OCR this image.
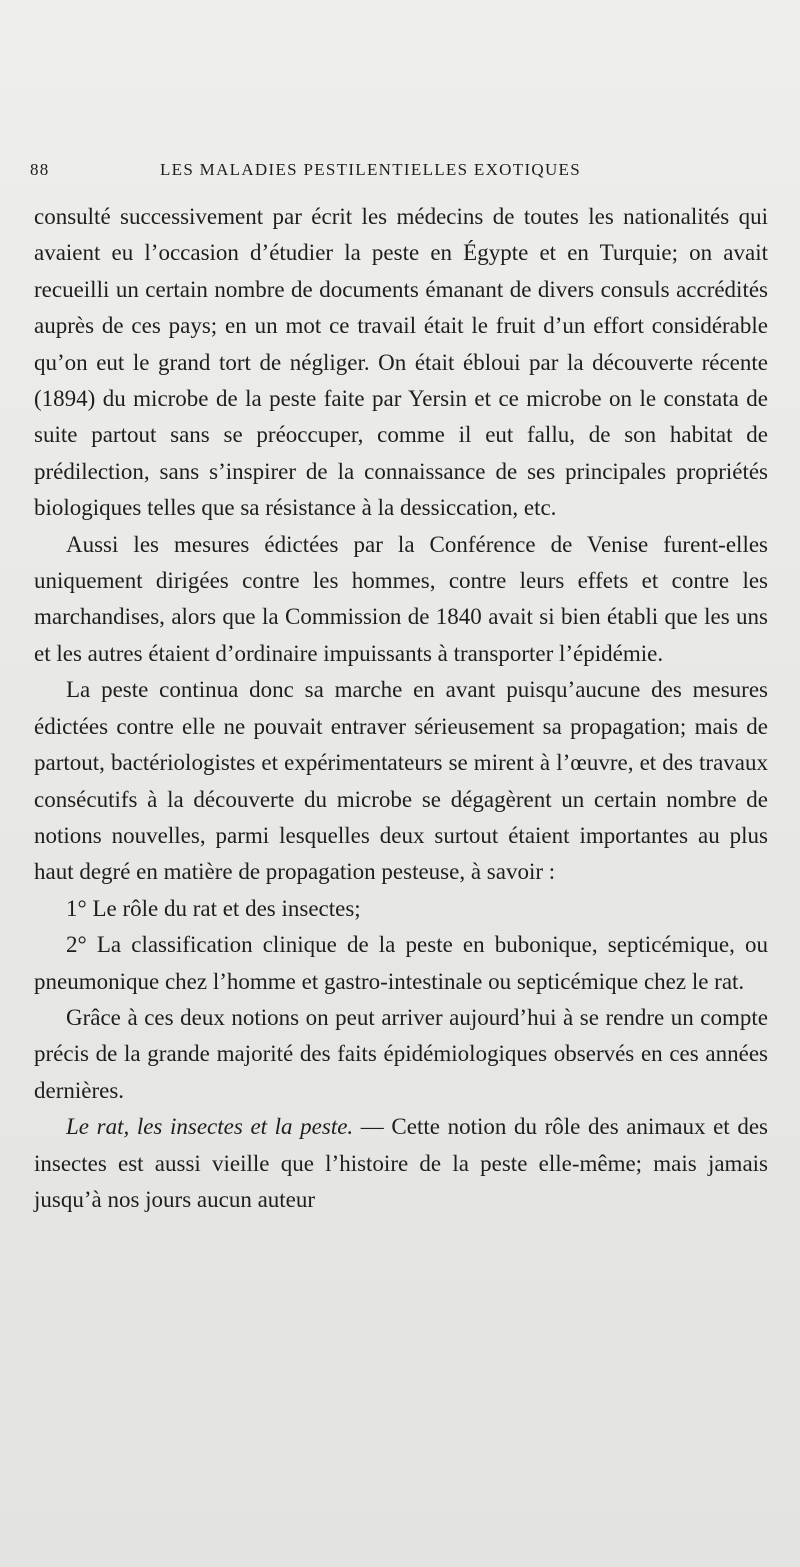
88	LES MALADIES PESTILENTIELLES EXOTIQUES

consulté successivement par écrit les médecins de toutes les nationalités qui avaient eu l’occasion d’étudier la peste en Égypte et en Turquie; on avait recueilli un certain nombre de documents émanant de divers consuls accrédités auprès de ces pays; en un mot ce travail était le fruit d’un effort considérable qu’on eut le grand tort de négliger. On était ébloui par la découverte récente (1894) du microbe de la peste faite par Yersin et ce microbe on le constata de suite partout sans se préoccuper, comme il eut fallu, de son habitat de prédilection, sans s’inspirer de la connaissance de ses principales propriétés biologiques telles que sa résistance à la dessiccation, etc.

Aussi les mesures édictées par la Conférence de Venise furent-elles uniquement dirigées contre les hommes, contre leurs effets et contre les marchandises, alors que la Commission de 1840 avait si bien établi que les uns et les autres étaient d’ordinaire impuissants à transporter l’épidémie.

La peste continua donc sa marche en avant puisqu’aucune des mesures édictées contre elle ne pouvait entraver sérieusement sa propagation; mais de partout, bactériologistes et expérimentateurs se mirent à l’œuvre, et des travaux consécutifs à la découverte du microbe se dégagèrent un certain nombre de notions nouvelles, parmi lesquelles deux surtout étaient importantes au plus haut degré en matière de propagation pesteuse, à savoir :

1° Le rôle du rat et des insectes;

2° La classification clinique de la peste en bubonique, septicémique, ou pneumonique chez l’homme et gastro-intestinale ou septicémique chez le rat.

Grâce à ces deux notions on peut arriver aujourd’hui à se rendre un compte précis de la grande majorité des faits épidémiologiques observés en ces années dernières.

Le rat, les insectes et la peste. — Cette notion du rôle des animaux et des insectes est aussi vieille que l’histoire de la peste elle-même; mais jamais jusqu’à nos jours aucun auteur
